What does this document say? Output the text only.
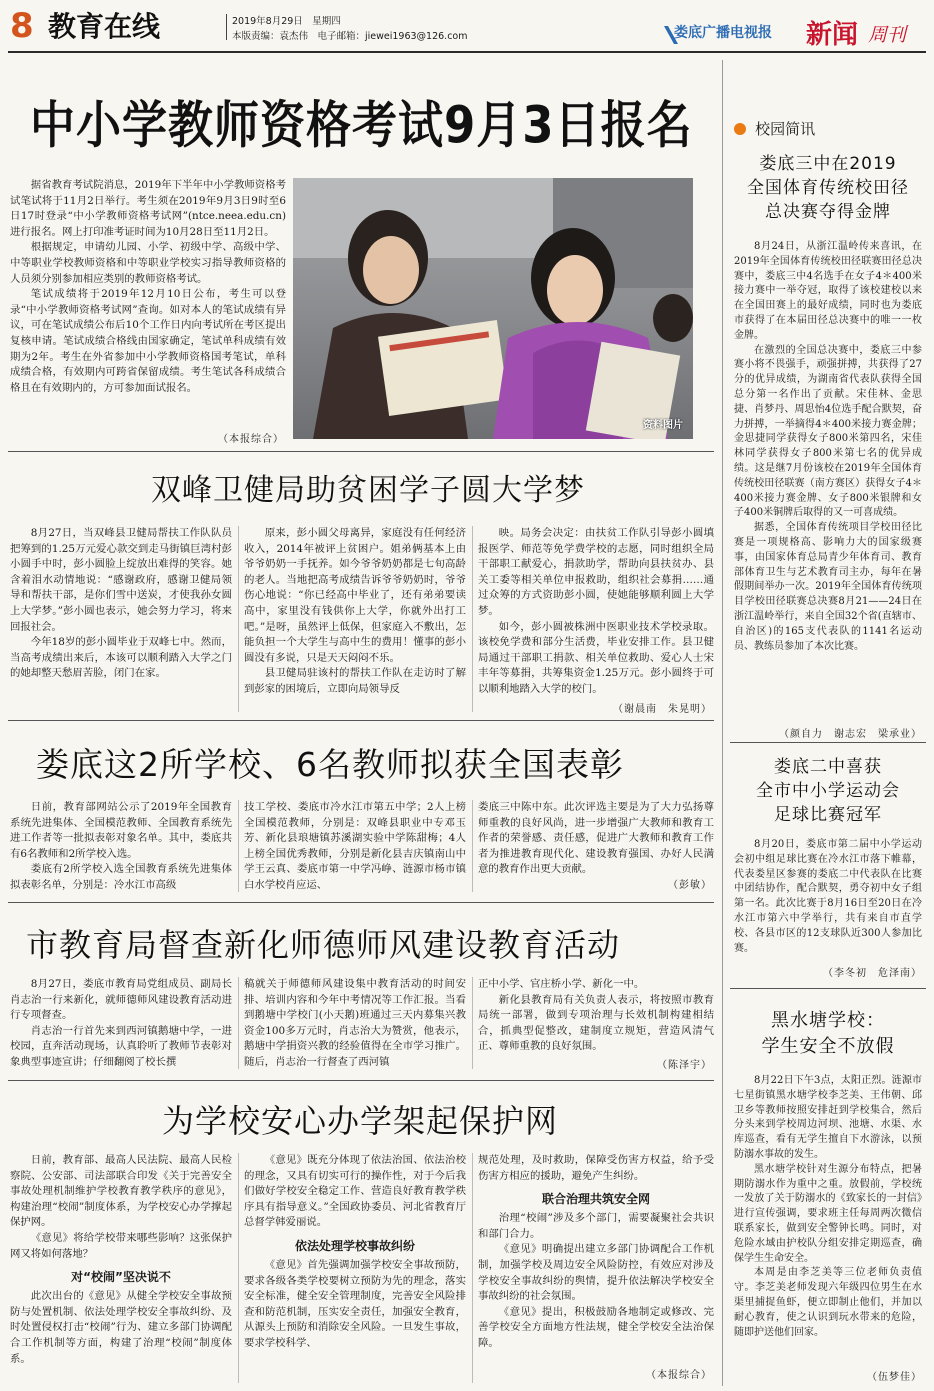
8 教育在线	2019年8月29日　星期四
本版责编：袁杰伟　电子邮箱：jiewei1963@126.com	娄底广播电视报 新闻 周刊
中小学教师资格考试9月3日报名

据省教育考试院消息，2019年下半年中小学教师资格考试笔试将于11月2日举行。考生须在2019年9月3日9时至6日17时登录“中小学教师资格考试网”(ntce.neea.edu.cn)进行报名。网上打印准考证时间为10月28日至11月2日。

根据规定，申请幼儿园、小学、初级中学、高级中学、中等职业学校教师资格和中等职业学校实习指导教师资格的人员须分别参加相应类别的教师资格考试。

笔试成绩将于2019年12月10日公布，考生可以登录“中小学教师资格考试网”查询。如对本人的笔试成绩有异议，可在笔试成绩公布后10个工作日内向考试所在考区提出复核申请。笔试成绩合格线由国家确定，笔试单科成绩有效期为2年。考生在外省参加中小学教师资格国考笔试，单科成绩合格，有效期内可跨省保留成绩。考生笔试各科成绩合格且在有效期内的，方可参加面试报名。

（本报综合）
资料图片
双峰卫健局助贫困学子圆大学梦

8月27日，当双峰县卫健局帮扶工作队队员把筹到的1.25万元爱心款交到走马街镇巨湾村彭小圆手中时，彭小圆脸上绽放出难得的笑容。她含着泪水动情地说：“感谢政府，感谢卫健局领导和帮扶干部，是你们雪中送炭，才使我孙女圆上大学梦。”彭小圆也表示，她会努力学习，将来回报社会。

今年18岁的彭小圆毕业于双峰七中。然而，当高考成绩出来后，本该可以顺利踏入大学之门的她却整天愁眉苦脸，闭门在家。

原来，彭小圆父母离异，家庭没有任何经济收入，2014年被评上贫困户。姐弟俩基本上由爷爷奶奶一手抚养。如今爷爷奶奶都是七旬高龄的老人。当地把高考成绩告诉爷爷奶奶时，爷爷伤心地说：“你已经高中毕业了，还有弟弟要读高中，家里没有钱供你上大学，你就外出打工吧。”是呀，虽然评上低保，但家庭入不敷出，怎能负担一个大学生与高中生的费用！懂事的彭小圆没有多说，只是天天闷闷不乐。

县卫健局驻该村的帮扶工作队在走访时了解到彭家的困境后，立即向局领导反

映。局务会决定：由扶贫工作队引导彭小圆填报医学、师范等免学费学校的志愿，同时组织全局干部职工献爱心，捐款助学，帮助向县扶贫办、县关工委等相关单位申报救助，组织社会募捐……通过众筹的方式资助彭小圆，使她能够顺利圆上大学梦。

如今，彭小圆被株洲中医职业技术学校录取。该校免学费和部分生活费，毕业安排工作。县卫健局通过干部职工捐款、相关单位救助、爱心人士宋丰年等募捐，共筹集资金1.25万元。彭小圆终于可以顺利地踏入大学的校门。

（谢晨南　朱晃明）
娄底这2所学校、6名教师拟获全国表彰

日前，教育部网站公示了2019年全国教育系统先进集体、全国模范教师、全国教育系统先进工作者等一批拟表彰对象名单。其中，娄底共有6名教师和2所学校入选。

娄底有2所学校入选全国教育系统先进集体拟表彰名单，分别是：冷水江市高级

技工学校、娄底市冷水江市第五中学；2人上榜全国模范教师，分别是：双峰县职业中专邓玉芳、新化县琅塘镇苏溪湖实验中学陈甜梅；4人上榜全国优秀教师，分别是新化县吉庆镇南山中学王云真、娄底市第一中学冯峥、涟源市杨市镇白水学校肖应运、

娄底三中陈中东。此次评选主要是为了大力弘扬尊师重教的良好风尚，进一步增强广大教师和教育工作者的荣誉感、责任感，促进广大教师和教育工作者为推进教育现代化、建设教育强国、办好人民满意的教育作出更大贡献。

（彭敏）
市教育局督查新化师德师风建设教育活动

8月27日，娄底市教育局党组成员、副局长肖志治一行来新化，就师德师风建设教育活动进行专项督查。

肖志治一行首先来到西河镇鹅塘中学，一进校园，直奔活动现场，认真聆听了教师节表彰对象典型事迹宣讲；仔细翻阅了校长撰

稿就关于师德师风建设集中教育活动的时间安排、培训内容和今年中考情况等工作汇报。当看到鹅塘中学校门(小天鹅)班通过三天内募集兴教资金100多万元时，肖志治大为赞赏，他表示，鹅塘中学捐资兴教的经验值得在全市学习推广。随后，肖志治一行督查了西河镇

正中小学、官庄桥小学、新化一中。

新化县教育局有关负责人表示，将按照市教育局统一部署，做到专项治理与长效机制构建相结合，抓典型促整改，建制度立规矩，营造风清气正、尊师重教的良好氛围。

（陈泽宇）
为学校安心办学架起保护网

日前，教育部、最高人民法院、最高人民检察院、公安部、司法部联合印发《关于完善安全事故处理机制维护学校教育教学秩序的意见》，构建治理“校闹”制度体系，为学校安心办学撑起保护网。

《意见》将给学校带来哪些影响？这张保护网又将如何落地？

对“校闹”坚决说不

此次出台的《意见》从健全学校安全事故预防与处置机制、依法处理学校安全事故纠纷、及时处置侵权打击“校闹”行为、建立多部门协调配合工作机制等方面，构建了治理“校闹”制度体系。

《意见》既充分体现了依法治国、依法治校的理念，又具有切实可行的操作性，对于今后我们做好学校安全稳定工作、营造良好教育教学秩序具有指导意义。”全国政协委员、河北省教育厅总督学韩爱丽说。

依法处理学校事故纠纷

《意见》首先强调加强学校安全事故预防，要求各级各类学校要树立预防为先的理念，落实安全标准，健全安全管理制度，完善安全风险排查和防范机制，压实安全责任，加强安全教育，从源头上预防和消除安全风险。一旦发生事故，要求学校科学、

规范处理，及时救助，保障受伤害方权益，给予受伤害方相应的援助，避免产生纠纷。

联合治理共筑安全网

治理“校闹”涉及多个部门，需要凝聚社会共识和部门合力。

《意见》明确提出建立多部门协调配合工作机制，加强学校及周边安全风险防控，有效应对涉及学校安全事故纠纷的舆情，提升依法解决学校安全事故纠纷的社会氛围。

《意见》提出，积极鼓励各地制定或修改、完善学校安全方面地方性法规，健全学校安全法治保障。

（本报综合）
校园简讯
娄底三中在2019
全国体育传统校田径
总决赛夺得金牌

8月24日，从浙江温岭传来喜讯，在2019年全国体育传统校田径联赛田径总决赛中，娄底三中4名选手在女子4＊400米接力赛中一举夺冠，取得了该校建校以来在全国田赛上的最好成绩，同时也为娄底市获得了在本届田径总决赛中的唯一一枚金牌。

在激烈的全国总决赛中，娄底三中参赛小将不畏强手，顽强拼搏，共获得了27分的优异成绩，为湖南省代表队获得全国总分第一名作出了贡献。宋佳林、金思捷、肖梦丹、周思怡4位选手配合默契，奋力拼搏，一举摘得4＊400米接力赛金牌；金思捷同学获得女子800米第四名，宋佳林同学获得女子800米第七名的优异成绩。这是继7月份该校在2019年全国体育传统校田径联赛（南方赛区）获得女子4＊400米接力赛金牌、女子800米银牌和女子400米铜牌后取得的又一可喜成绩。

据悉，全国体育传统项目学校田径比赛是一项规格高、影响力大的国家级赛事，由国家体育总局青少年体育司、教育部体育卫生与艺术教育司主办，每年在暑假期间举办一次。2019年全国体育传统项目学校田径联赛总决赛8月21——24日在浙江温岭举行，来自全国32个省(直辖市、自治区)的165支代表队的1141名运动员、教练员参加了本次比赛。

（颜自力　谢志宏　梁承业）
娄底二中喜获
全市中小学运动会
足球比赛冠军

8月20日，娄底市第二届中小学运动会初中组足球比赛在冷水江市落下帷幕，代表娄星区参赛的娄底二中代表队在比赛中团结协作，配合默契，勇夺初中女子组第一名。此次比赛于8月16日至20日在冷水江市第六中学举行，共有来自市直学校、各县市区的12支球队近300人参加比赛。

（李冬初　危泽南）
黑水塘学校：
学生安全不放假

8月22日下午3点，太阳正烈。涟源市七星街镇黑水塘学校李芝美、王伟朝、邱卫乡等教师按照安排赶到学校集合，然后分头来到学校周边河坝、池塘、水渠、水库巡查，看有无学生擅自下水游泳，以预防溺水事故的发生。

黑水塘学校针对生源分布特点，把暑期防溺水作为重中之重。放假前，学校统一发放了关于防溺水的《致家长的一封信》进行宣传强调，要求班主任每周两次微信联系家长，做到安全警钟长鸣。同时，对危险水域由护校队分组安排定期巡查，确保学生生命安全。

本周是由李芝美等三位老师负责值守。李芝美老师发现六年级四位男生在水渠里捕捉鱼虾，便立即制止他们，并加以耐心教育，使之认识到玩水带来的危险，随即护送他们回家。

（伍梦佳）
